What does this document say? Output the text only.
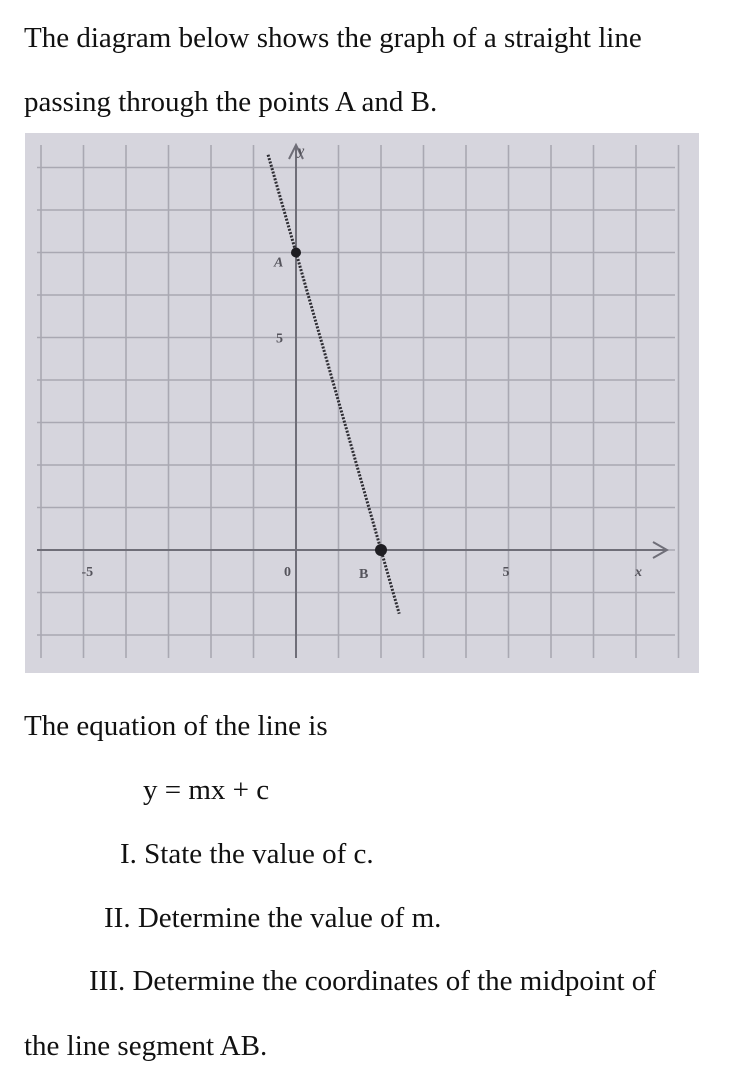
The diagram below shows the graph of a straight line
passing through the points A and B.
A
B
-5	0	5
5
x
y
The equation of the line is
y = mx + c
I. State the value of c.
II. Determine the value of m.
III. Determine the coordinates of the midpoint of
the line segment AB.
